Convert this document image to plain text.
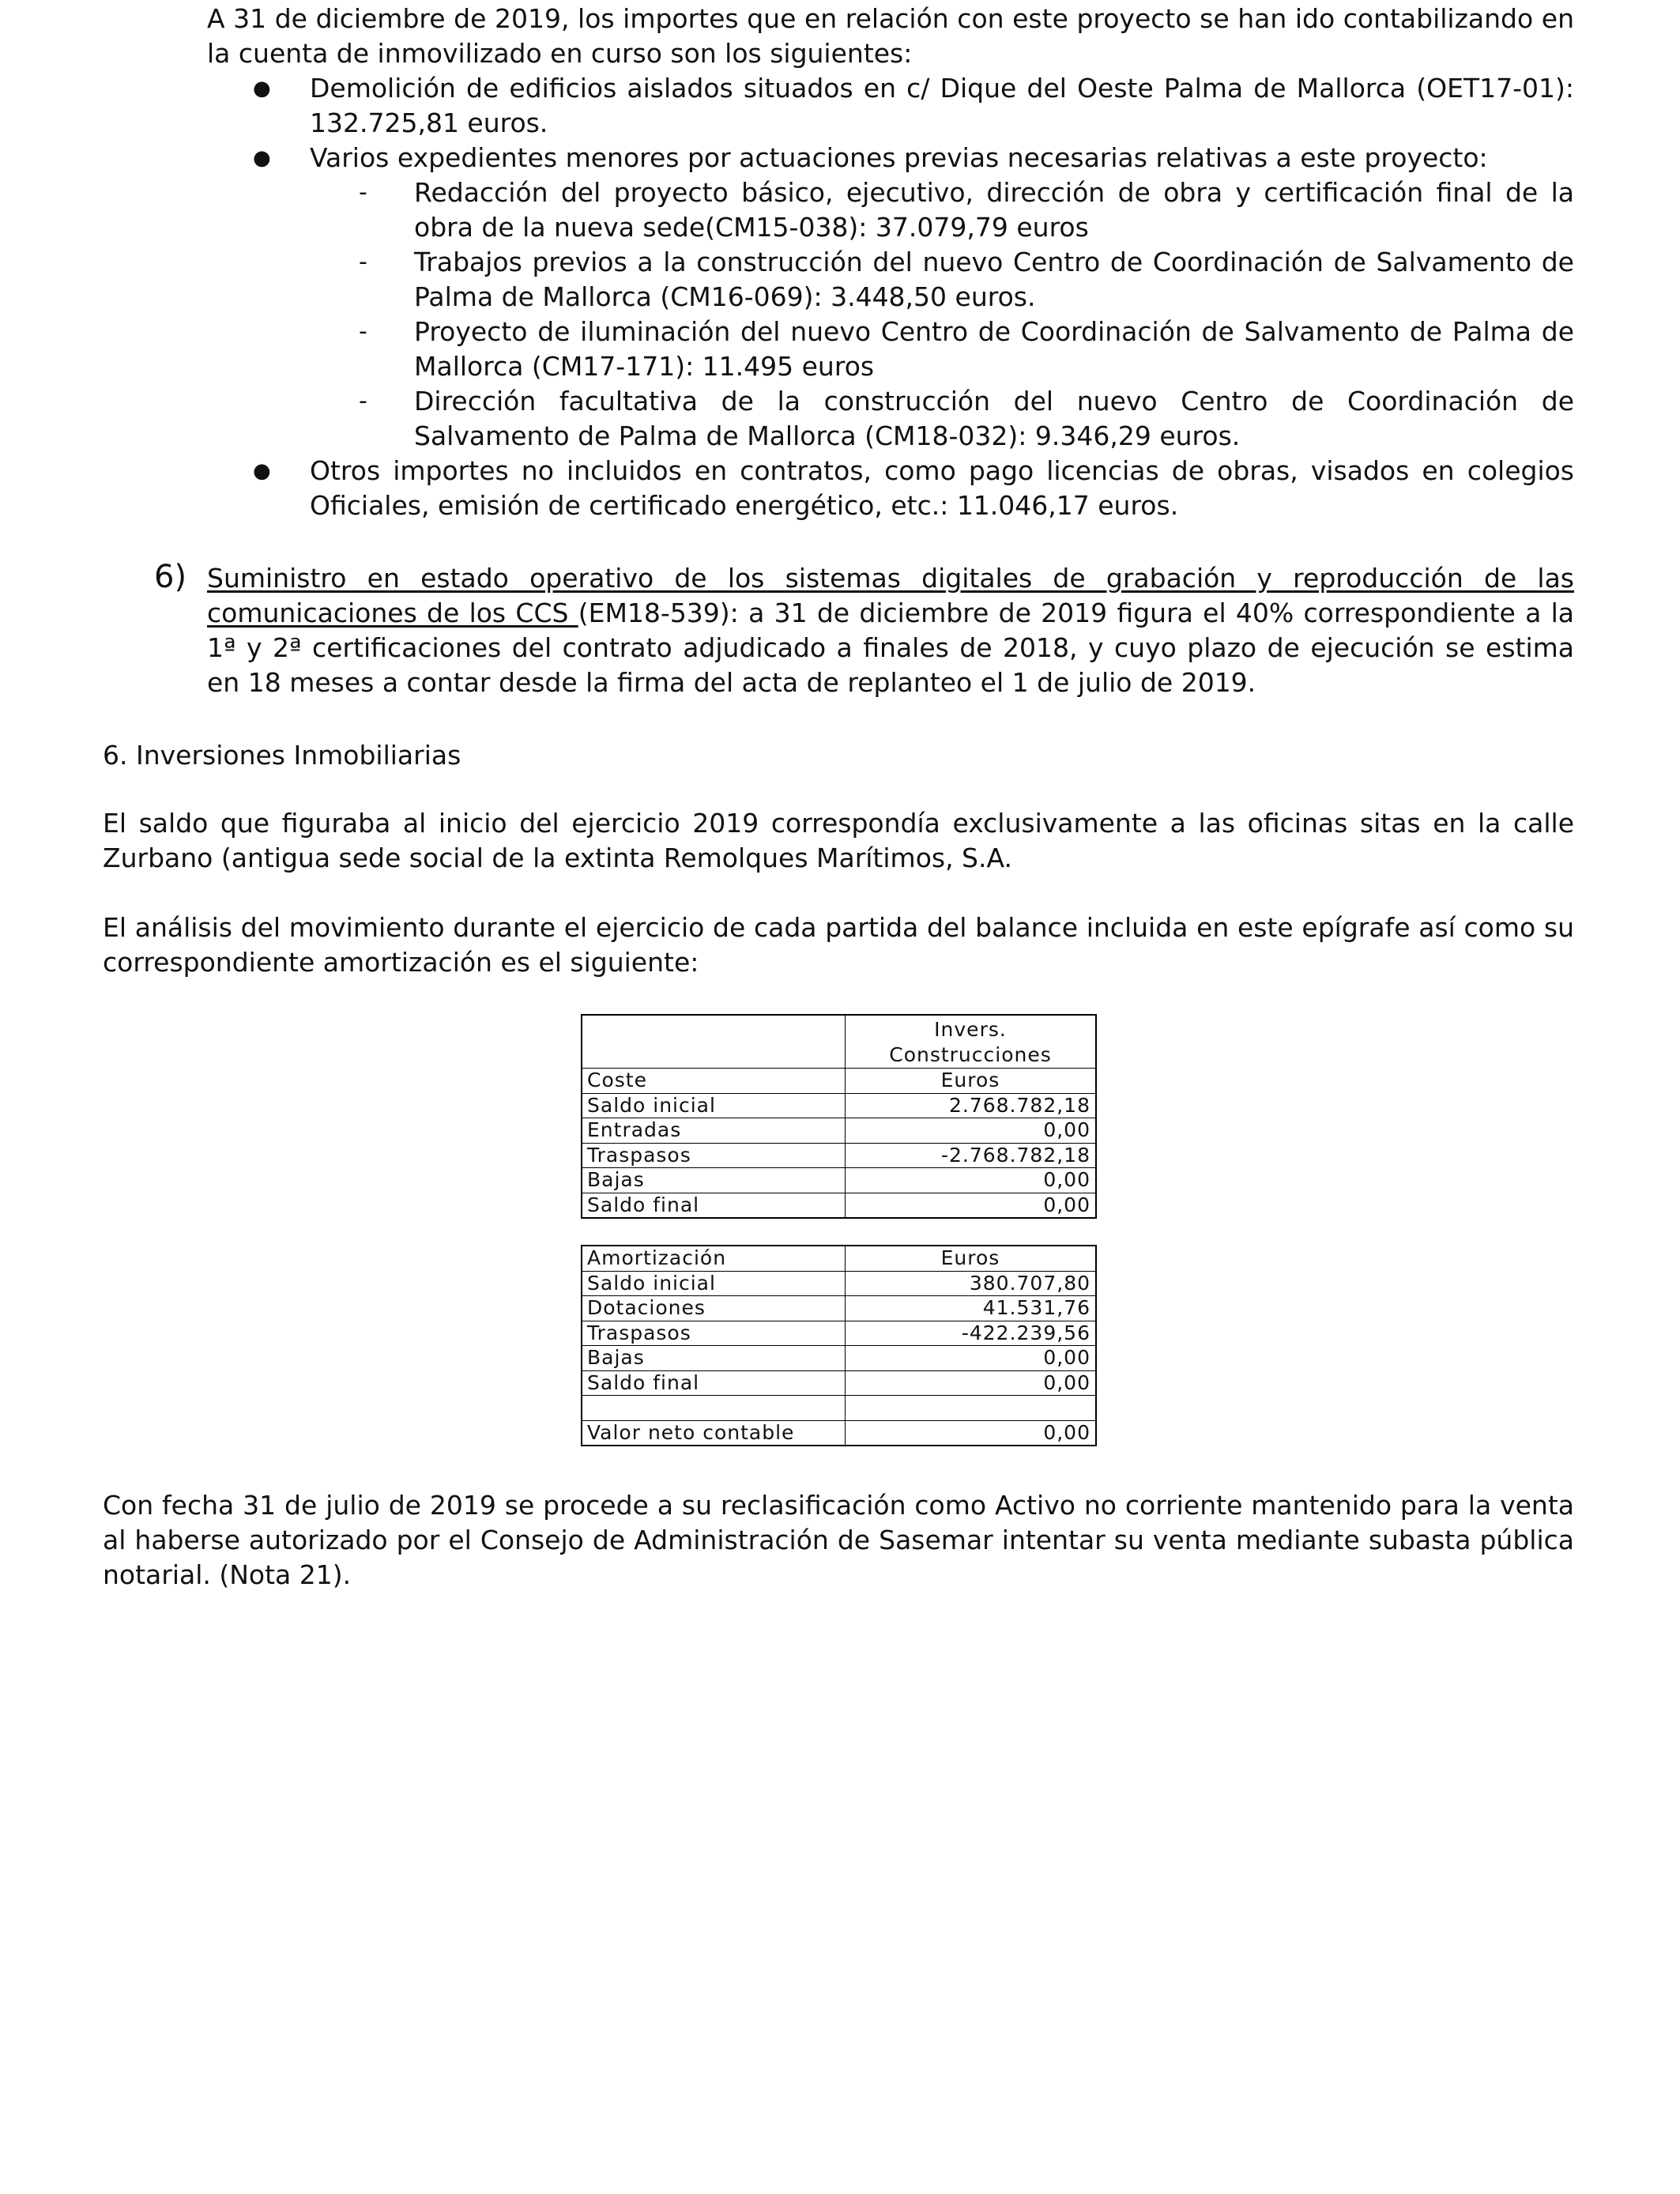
A 31 de diciembre de 2019, los importes que en relación con este proyecto se han ido contabilizando en la cuenta de inmovilizado en curso son los siguientes:
● Demolición de edificios aislados situados en c/ Dique del Oeste Palma de Mallorca (OET17-01): 132.725,81 euros.
● Varios expedientes menores por actuaciones previas necesarias relativas a este proyecto:
- Redacción del proyecto básico, ejecutivo, dirección de obra y certificación final de la obra de la nueva sede(CM15-038): 37.079,79 euros
- Trabajos previos a la construcción del nuevo Centro de Coordinación de Salvamento de Palma de Mallorca (CM16-069): 3.448,50 euros.
- Proyecto de iluminación del nuevo Centro de Coordinación de Salvamento de Palma de Mallorca (CM17-171): 11.495 euros
- Dirección facultativa de la construcción del nuevo Centro de Coordinación de Salvamento de Palma de Mallorca (CM18-032): 9.346,29 euros.
● Otros importes no incluidos en contratos, como pago licencias de obras, visados en colegios Oficiales, emisión de certificado energético, etc.: 11.046,17 euros.
6) Suministro en estado operativo de los sistemas digitales de grabación y reproducción de las comunicaciones de los CCS (EM18-539): a 31 de diciembre de 2019 figura el 40% correspondiente a la 1ª y 2ª certificaciones del contrato adjudicado a finales de 2018, y cuyo plazo de ejecución se estima en 18 meses a contar desde la firma del acta de replanteo el 1 de julio de 2019.
6. Inversiones Inmobiliarias
El saldo que figuraba al inicio del ejercicio 2019 correspondía exclusivamente a las oficinas sitas en la calle Zurbano (antigua sede social de la extinta Remolques Marítimos, S.A.
El análisis del movimiento durante el ejercicio de cada partida del balance incluida en este epígrafe así como su correspondiente amortización es el siguiente:
	Invers.
Construcciones
Coste	Euros
Saldo inicial	2.768.782,18
Entradas	0,00
Traspasos	-2.768.782,18
Bajas	0,00
Saldo final	0,00
Amortización	Euros
Saldo inicial	380.707,80
Dotaciones	41.531,76
Traspasos	-422.239,56
Bajas	0,00
Saldo final	0,00

Valor neto contable	0,00
Con fecha 31 de julio de 2019 se procede a su reclasificación como Activo no corriente mantenido para la venta al haberse autorizado por el Consejo de Administración de Sasemar intentar su venta mediante subasta pública notarial. (Nota 21).
